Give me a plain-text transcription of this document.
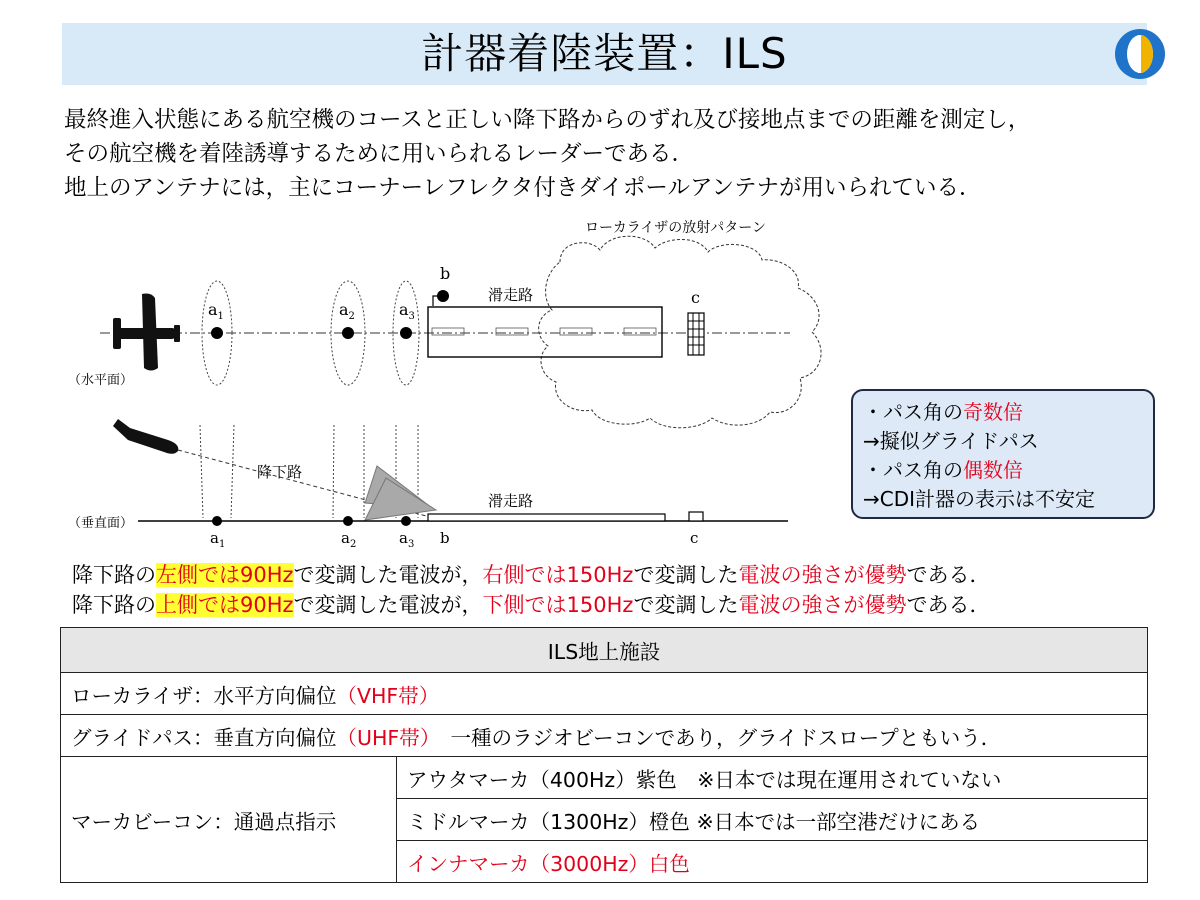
計器着陸装置：ILS
最終進入状態にある航空機のコースと正しい降下路からのずれ及び接地点までの距離を測定し，
その航空機を着陸誘導するために用いられるレーダーである．
地上のアンテナには，主にコーナーレフレクタ付きダイポールアンテナが用いられている．
ローカライザの放射パターン
$a_1$	$a_2$	$a_3$
b
滑走路	c
（水平面）
降下路
滑走路
（垂直面）
$a_1$	$a_2$	$a_3$ b	c
・パス角の奇数倍
→擬似グライドパス
・パス角の偶数倍
→CDI計器の表示は不安定
降下路の左側では90Hzで変調した電波が，右側では150Hzで変調した電波の強さが優勢である．
降下路の上側では90Hzで変調した電波が，下側では150Hzで変調した電波の強さが優勢である．
ILS地上施設
ローカライザ：水平方向偏位（VHF帯）
グライドパス：垂直方向偏位（UHF帯）　一種のラジオビーコンであり，グライドスロープともいう．
マーカビーコン：通過点指示	アウタマーカ（400Hz）紫色　※日本では現在運用されていない
ミドルマーカ（1300Hz）橙色 ※日本では一部空港だけにある
インナマーカ（3000Hz）白色
